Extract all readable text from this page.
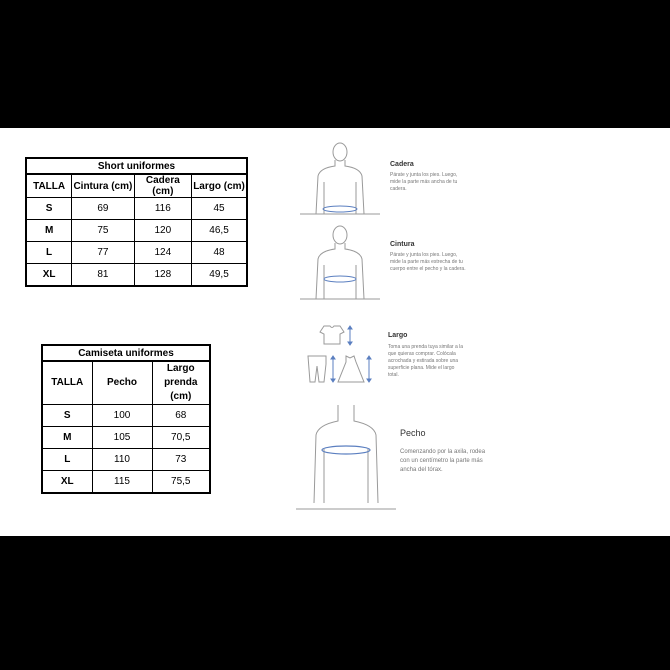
Short uniformes			
TALLA	Cintura (cm)	Cadera (cm)	Largo (cm)
S	69	116	45
M	75	120	46,5
L	77	124	48
XL	81	128	49,5
Camiseta uniformes		
TALLA	Pecho	Largo prenda (cm)
S	100	68
M	105	70,5
L	110	73
XL	115	75,5
Cadera
Párate y junta los pies. Luego, mide la parte más ancha de tu cadera.
Cintura
Párate y junta los pies. Luego, mide la parte más estrecha de tu cuerpo entre el pecho y la cadera.
Largo
Toma una prenda tuya similar a la que quieras comprar. Colócala acrochada y estirada sobre una superficie plana. Mide el largo total.
Pecho
Comenzando por la axila, rodea con un centímetro la parte más ancha del tórax.
